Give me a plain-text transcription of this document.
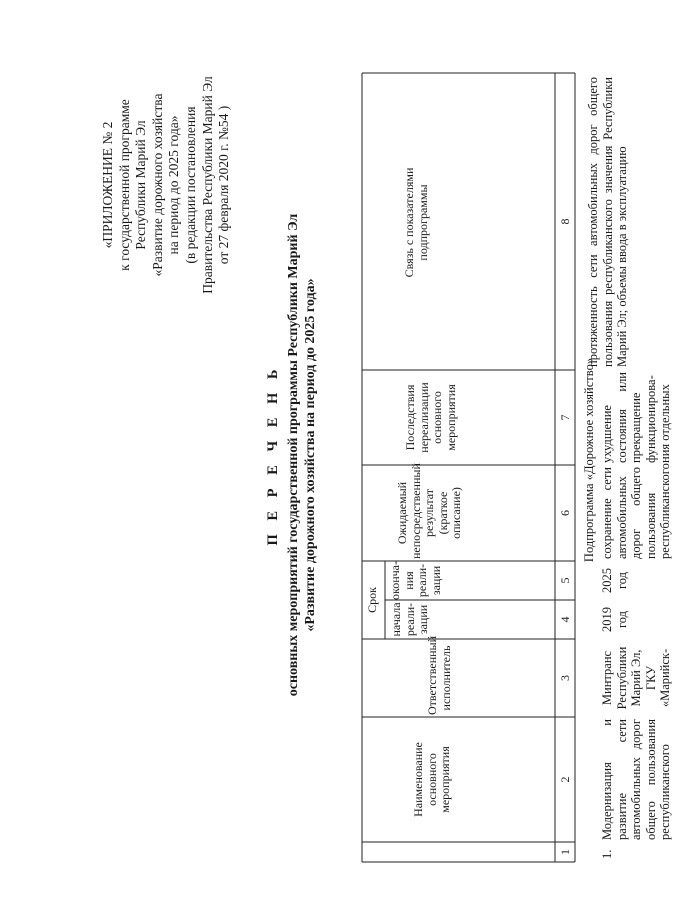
«ПРИЛОЖЕНИЕ № 2 к государственной программе Республики Марий Эл «Развитие дорожного хозяйства на период до 2025 года» (в редакции постановления Правительства Республики Марий Эл от 27 февраля 2020 г. №54 )
П Е Р Е Ч Е Н Ь основных мероприятий государственной программы Республики Марий Эл «Развитие дорожного хозяйства на период до 2025 года»
Наименование основного мероприятия
Ответственный исполнитель
Срок
начала реали-зации
оконча-ния реали-зации
Ожидаемый непосредственный результат (краткое описание)
Последствия нереализации основного мероприятия
Связь с показателями подпрограммы
1
2
3
4
5
6
7
8
Подпрограмма «Дорожное хозяйство»
1.
Модернизация и развитие сети автомобильных дорог общего пользования республиканского
Минтранс Республики Марий Эл, ГКУ «Марийск-
2019 год
2025 год
сохранение сети автомобильных дорог общего пользования республиканского
ухудшение состояния или прекращение функционирова-ния отдельных
протяженность сети автомобильных дорог общего пользования республиканского значения Республики Марий Эл; объемы ввода в эксплуатацию
